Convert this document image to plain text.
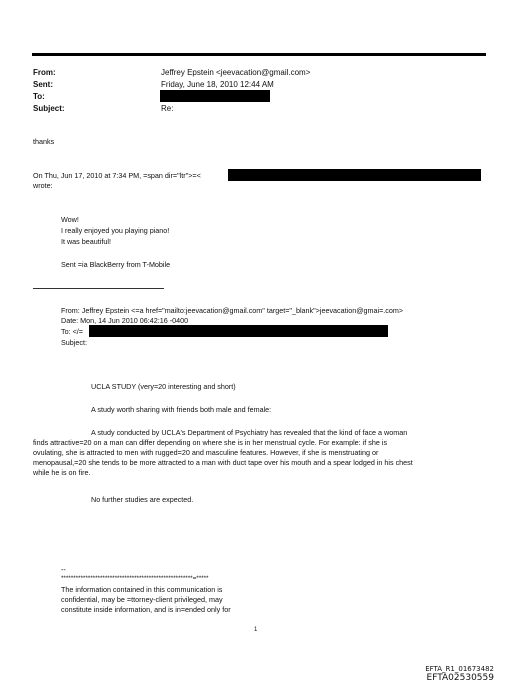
From:	Jeffrey Epstein <jeevacation@gmail.com>
Sent:	Friday, June 18, 2010 12:44 AM
To:
Subject:	Re:
thanks
On Thu, Jun 17, 2010 at 7:34 PM, =span dir="ltr">=<
wrote:
Wow!
I really enjoyed you playing piano!
It was beautiful!
Sent =ia BlackBerry from T-Mobile
From: Jeffrey Epstein <=a href="mailto:jeevacation@gmail.com" target="_blank">jeevacation@gmai=.com>
Date: Mon, 14 Jun 2010 06:42:16 -0400
To: </=
Subject:
UCLA STUDY (very=20 interesting and short)
A study worth sharing with friends both male and female:
A study conducted by UCLA's Department of Psychiatry has revealed that the kind of face a woman
finds attractive=20 on a man can differ depending on where she is in her menstrual cycle. For example: if she is
ovulating, she is attracted to men with rugged=20 and masculine features. However, if she is menstruating or
menopausal,=20 she tends to be more attracted to a man with duct tape over his mouth and a spear lodged in his chest
while he is on fire.
No further studies are expected.
--
******************************************************=*****
The information contained in this communication is
confidential, may be =ttorney-client privileged, may
constitute inside information, and is in=ended only for
1
EFTA_R1_01673482
EFTA02530559
